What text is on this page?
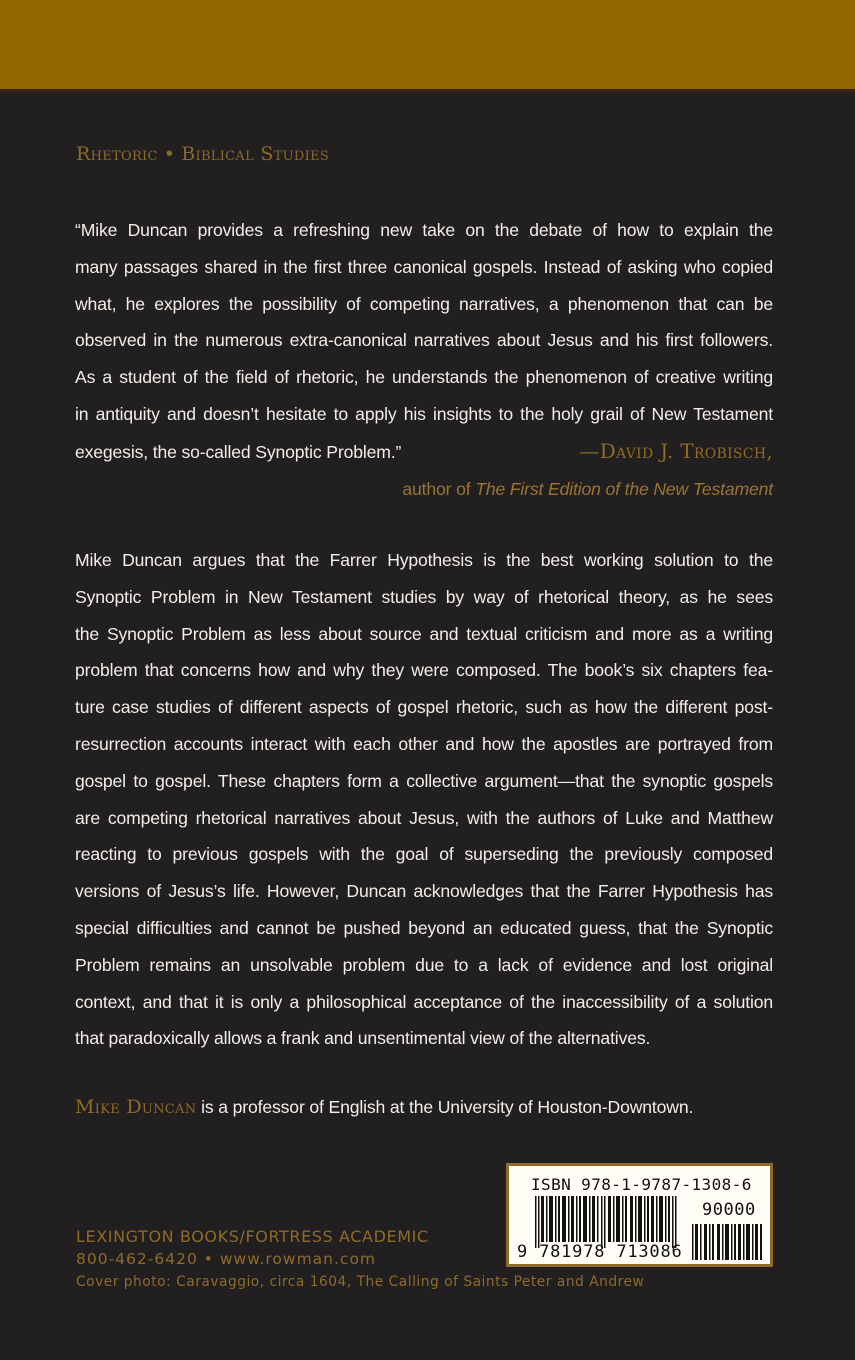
Rhetoric • Biblical Studies
“Mike Duncan provides a refreshing new take on the debate of how to explain the
many passages shared in the first three canonical gospels. Instead of asking who copied
what, he explores the possibility of competing narratives, a phenomenon that can be
observed in the numerous extra-canonical narratives about Jesus and his first followers.
As a student of the field of rhetoric, he understands the phenomenon of creative writing
in antiquity and doesn’t hesitate to apply his insights to the holy grail of New Testament
exegesis, the so-called Synoptic Problem.”	—David J. Trobisch,
author of The First Edition of the New Testament
Mike Duncan argues that the Farrer Hypothesis is the best working solution to the
Synoptic Problem in New Testament studies by way of rhetorical theory, as he sees
the Synoptic Problem as less about source and textual criticism and more as a writing
problem that concerns how and why they were composed. The book’s six chapters fea-
ture case studies of different aspects of gospel rhetoric, such as how the different post-
resurrection accounts interact with each other and how the apostles are portrayed from
gospel to gospel. These chapters form a collective argument—that the synoptic gospels
are competing rhetorical narratives about Jesus, with the authors of Luke and Matthew
reacting to previous gospels with the goal of superseding the previously composed
versions of Jesus’s life. However, Duncan acknowledges that the Farrer Hypothesis has
special difficulties and cannot be pushed beyond an educated guess, that the Synoptic
Problem remains an unsolvable problem due to a lack of evidence and lost original
context, and that it is only a philosophical acceptance of the inaccessibility of a solution
that paradoxically allows a frank and unsentimental view of the alternatives.
Mike Duncan is a professor of English at the University of Houston-Downtown.
LEXINGTON BOOKS/FORTRESS ACADEMIC
800-462-6420 • www.rowman.com
Cover photo: Caravaggio, circa 1604, The Calling of Saints Peter and Andrew
ISBN 978-1-9787-1308-6
90000
9 781978 713086
